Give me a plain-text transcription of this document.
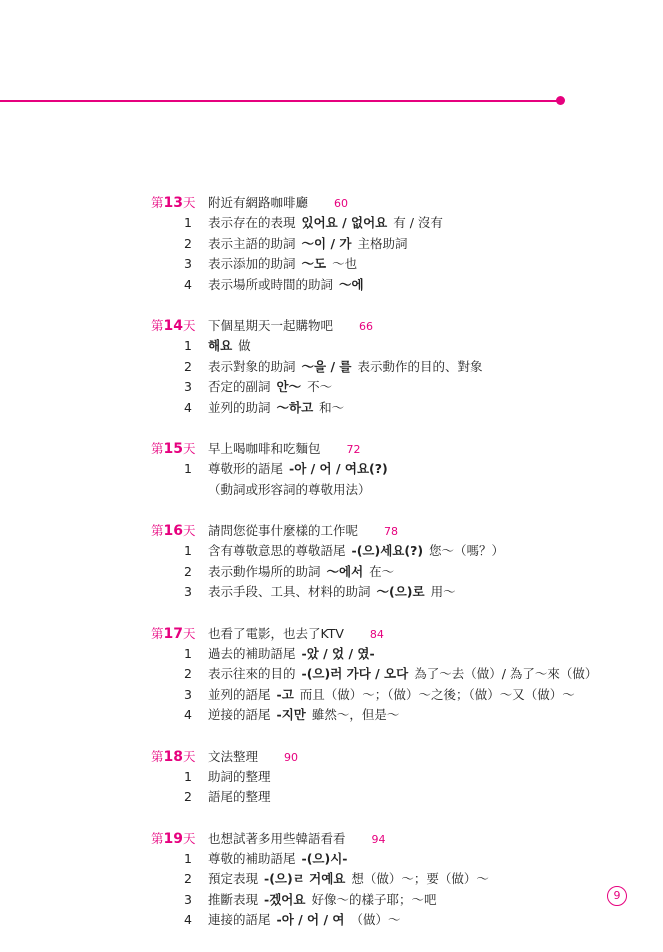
第13天 附近有網路咖啡廳 60
1 表示存在的表現 있어요 / 없어요 有 / 沒有
2 表示主語的助詞 ～이 / 가 主格助詞
3 表示添加的助詞 ～도 ～也
4 表示場所或時間的助詞 ～에
第14天 下個星期天一起購物吧 66
1 해요 做
2 表示對象的助詞 ～을 / 를 表示動作的目的、對象
3 否定的副詞 안～ 不～
4 並列的助詞 ～하고 和～
第15天 早上喝咖啡和吃麵包 72
1 尊敬形的語尾 -아 / 어 / 여요(?)
（動詞或形容詞的尊敬用法）
第16天 請問您從事什麼樣的工作呢 78
1 含有尊敬意思的尊敬語尾 -(으)세요(?) 您～（嗎？）
2 表示動作場所的助詞 ～에서 在～
3 表示手段、工具、材料的助詞 ～(으)로 用～
第17天 也看了電影，也去了KTV 84
1 過去的補助語尾 -았 / 었 / 였-
2 表示往來的目的 -(으)러 가다 / 오다 為了～去（做）/ 為了～來（做）
3 並列的語尾 -고 而且（做）～；（做）～之後；（做）～又（做）～
4 逆接的語尾 -지만 雖然～，但是～
第18天 文法整理 90
1 助詞的整理
2 語尾的整理
第19天 也想試著多用些韓語看看 94
1 尊敬的補助語尾 -(으)시-
2 預定表現 -(으)ㄹ 거예요 想（做）～；要（做）～
3 推斷表現 -겠어요 好像～的樣子耶；～吧
4 連接的語尾 -아 / 어 / 여 （做）～
9
